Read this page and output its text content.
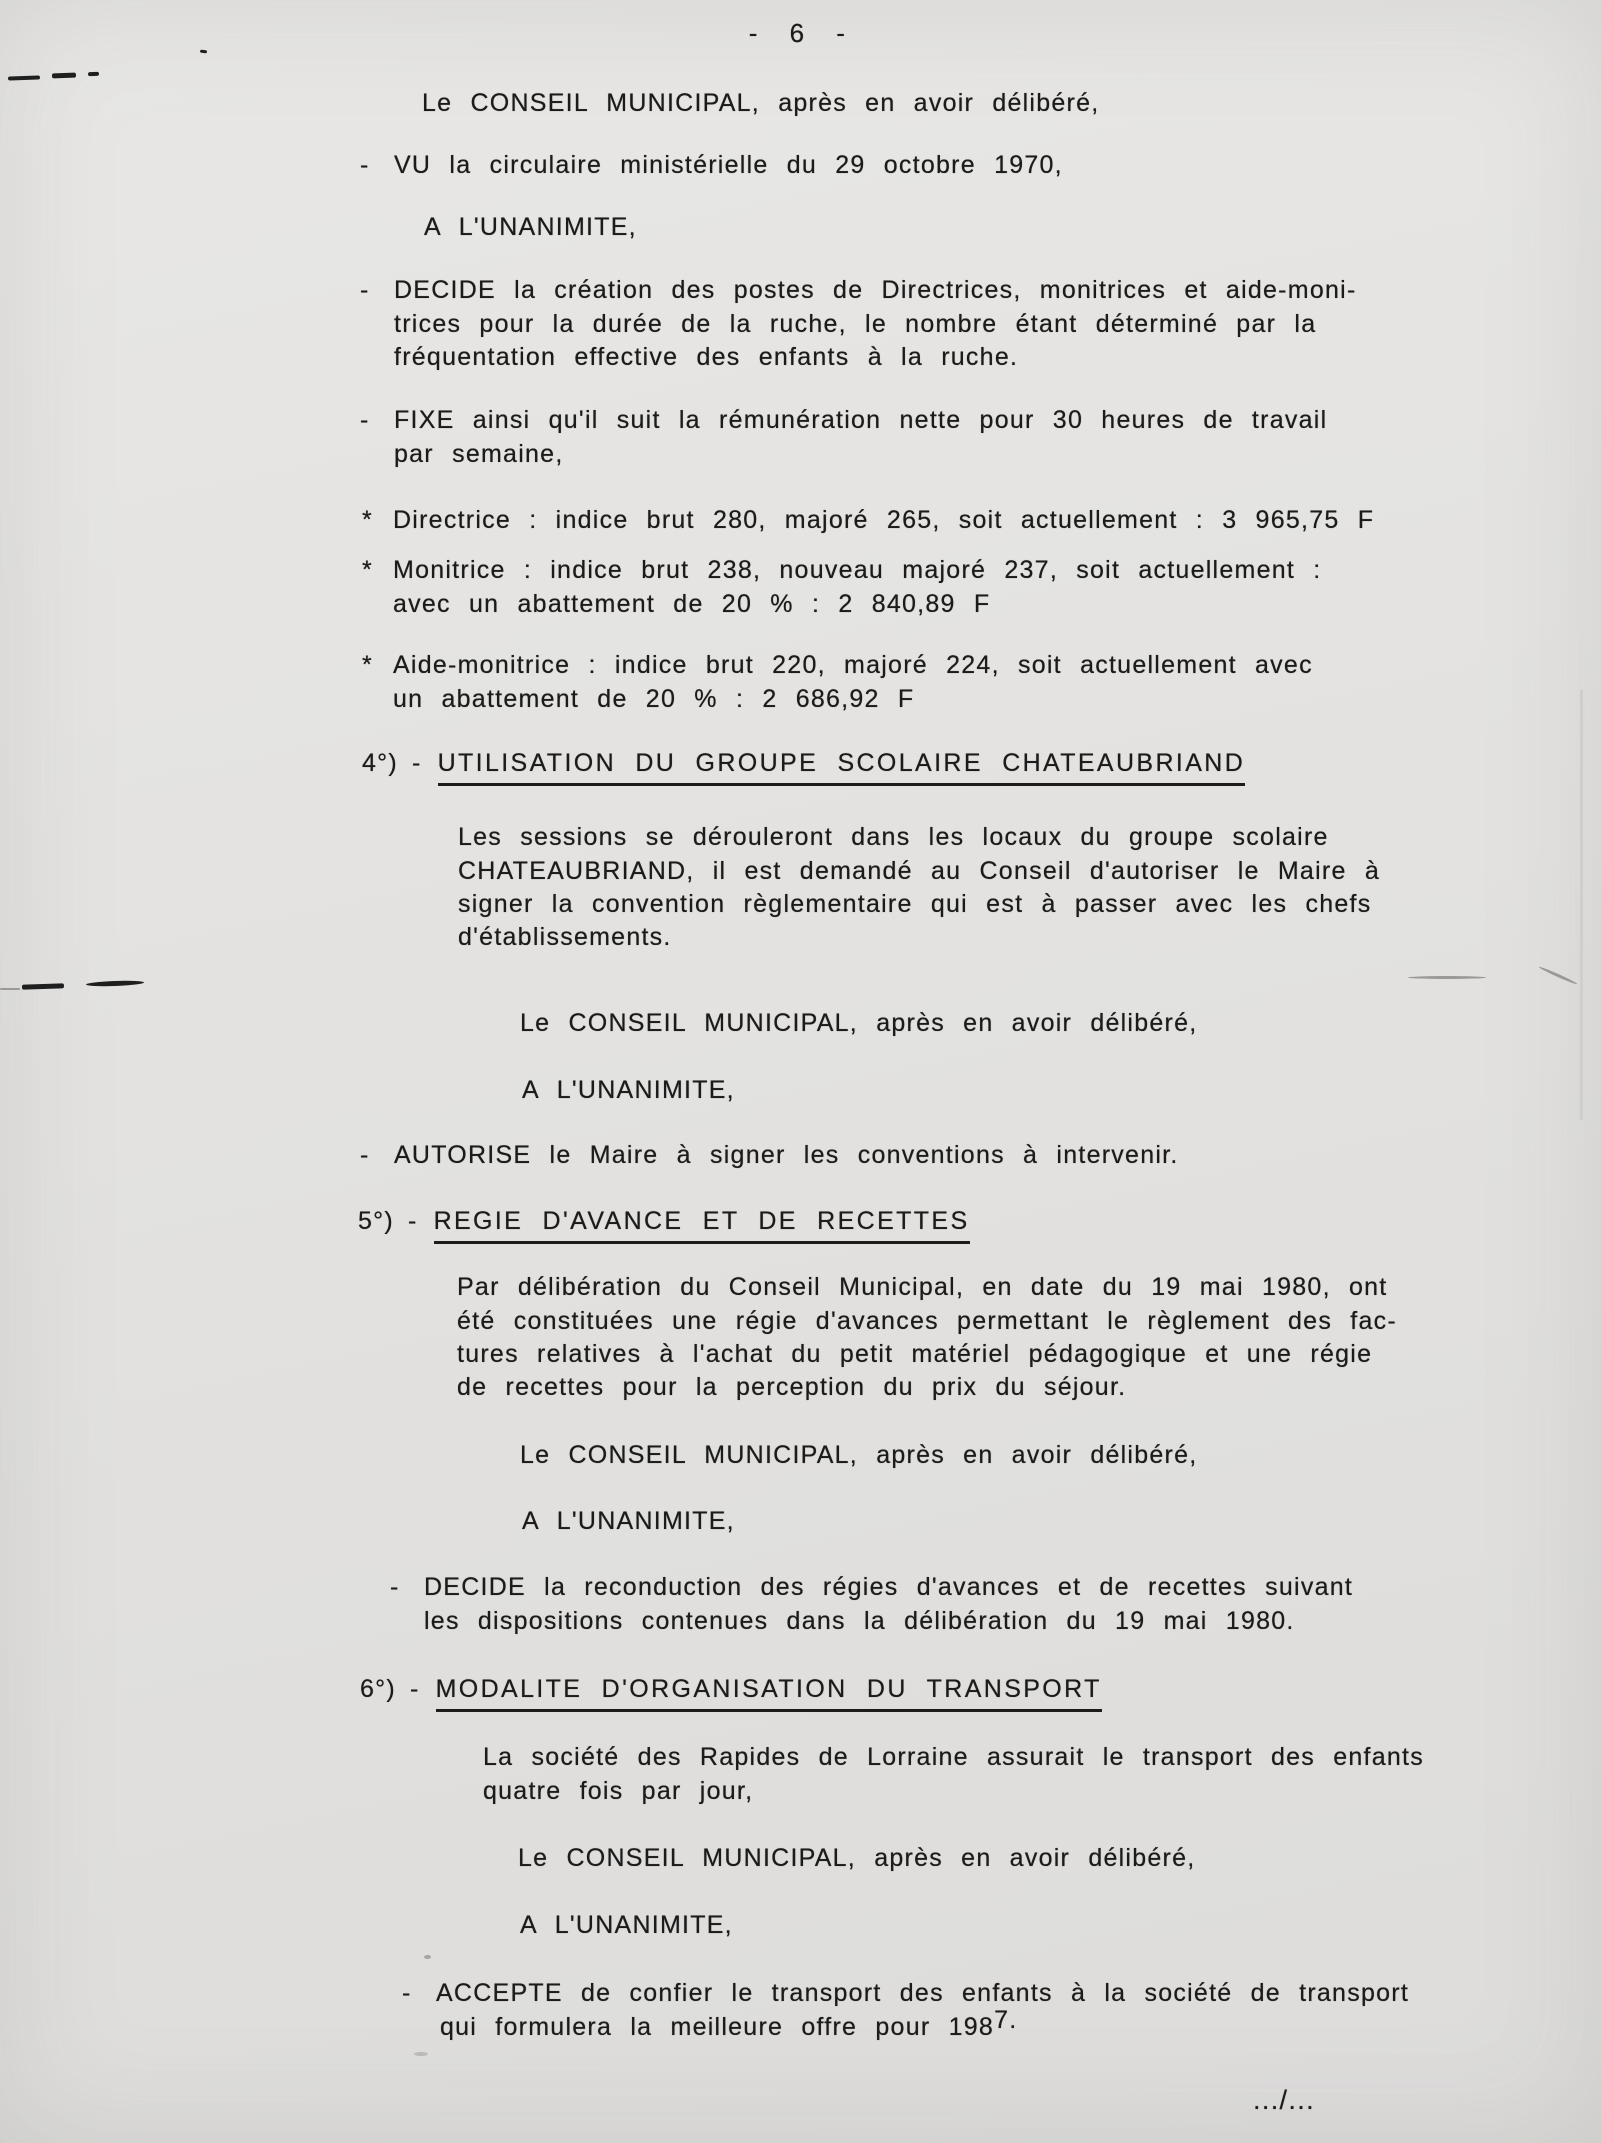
- 6 -
Le CONSEIL MUNICIPAL, après en avoir délibéré,
- VU la circulaire ministérielle du 29 octobre 1970,
A L'UNANIMITE,
- DECIDE la création des postes de Directrices, monitrices et aide-moni-
trices pour la durée de la ruche, le nombre étant déterminé par la
fréquentation effective des enfants à la ruche.
- FIXE ainsi qu'il suit la rémunération nette pour 30 heures de travail
par semaine,
* Directrice : indice brut 280, majoré 265, soit actuellement : 3 965,75 F
* Monitrice : indice brut 238, nouveau majoré 237, soit actuellement :
avec un abattement de 20 % : 2 840,89 F
* Aide-monitrice : indice brut 220, majoré 224, soit actuellement avec
un abattement de 20 % : 2 686,92 F
4°) - UTILISATION DU GROUPE SCOLAIRE CHATEAUBRIAND
Les sessions se dérouleront dans les locaux du groupe scolaire
CHATEAUBRIAND, il est demandé au Conseil d'autoriser le Maire à
signer la convention règlementaire qui est à passer avec les chefs
d'établissements.
Le CONSEIL MUNICIPAL, après en avoir délibéré,
A L'UNANIMITE,
- AUTORISE le Maire à signer les conventions à intervenir.
5°) - REGIE D'AVANCE ET DE RECETTES
Par délibération du Conseil Municipal, en date du 19 mai 1980, ont
été constituées une régie d'avances permettant le règlement des fac-
tures relatives à l'achat du petit matériel pédagogique et une régie
de recettes pour la perception du prix du séjour.
Le CONSEIL MUNICIPAL, après en avoir délibéré,
A L'UNANIMITE,
- DECIDE la reconduction des régies d'avances et de recettes suivant
les dispositions contenues dans la délibération du 19 mai 1980.
6°) - MODALITE D'ORGANISATION DU TRANSPORT
La société des Rapides de Lorraine assurait le transport des enfants
quatre fois par jour,
Le CONSEIL MUNICIPAL, après en avoir délibéré,
A L'UNANIMITE,
- ACCEPTE de confier le transport des enfants à la société de transport
qui formulera la meilleure offre pour 1987.
.../...
